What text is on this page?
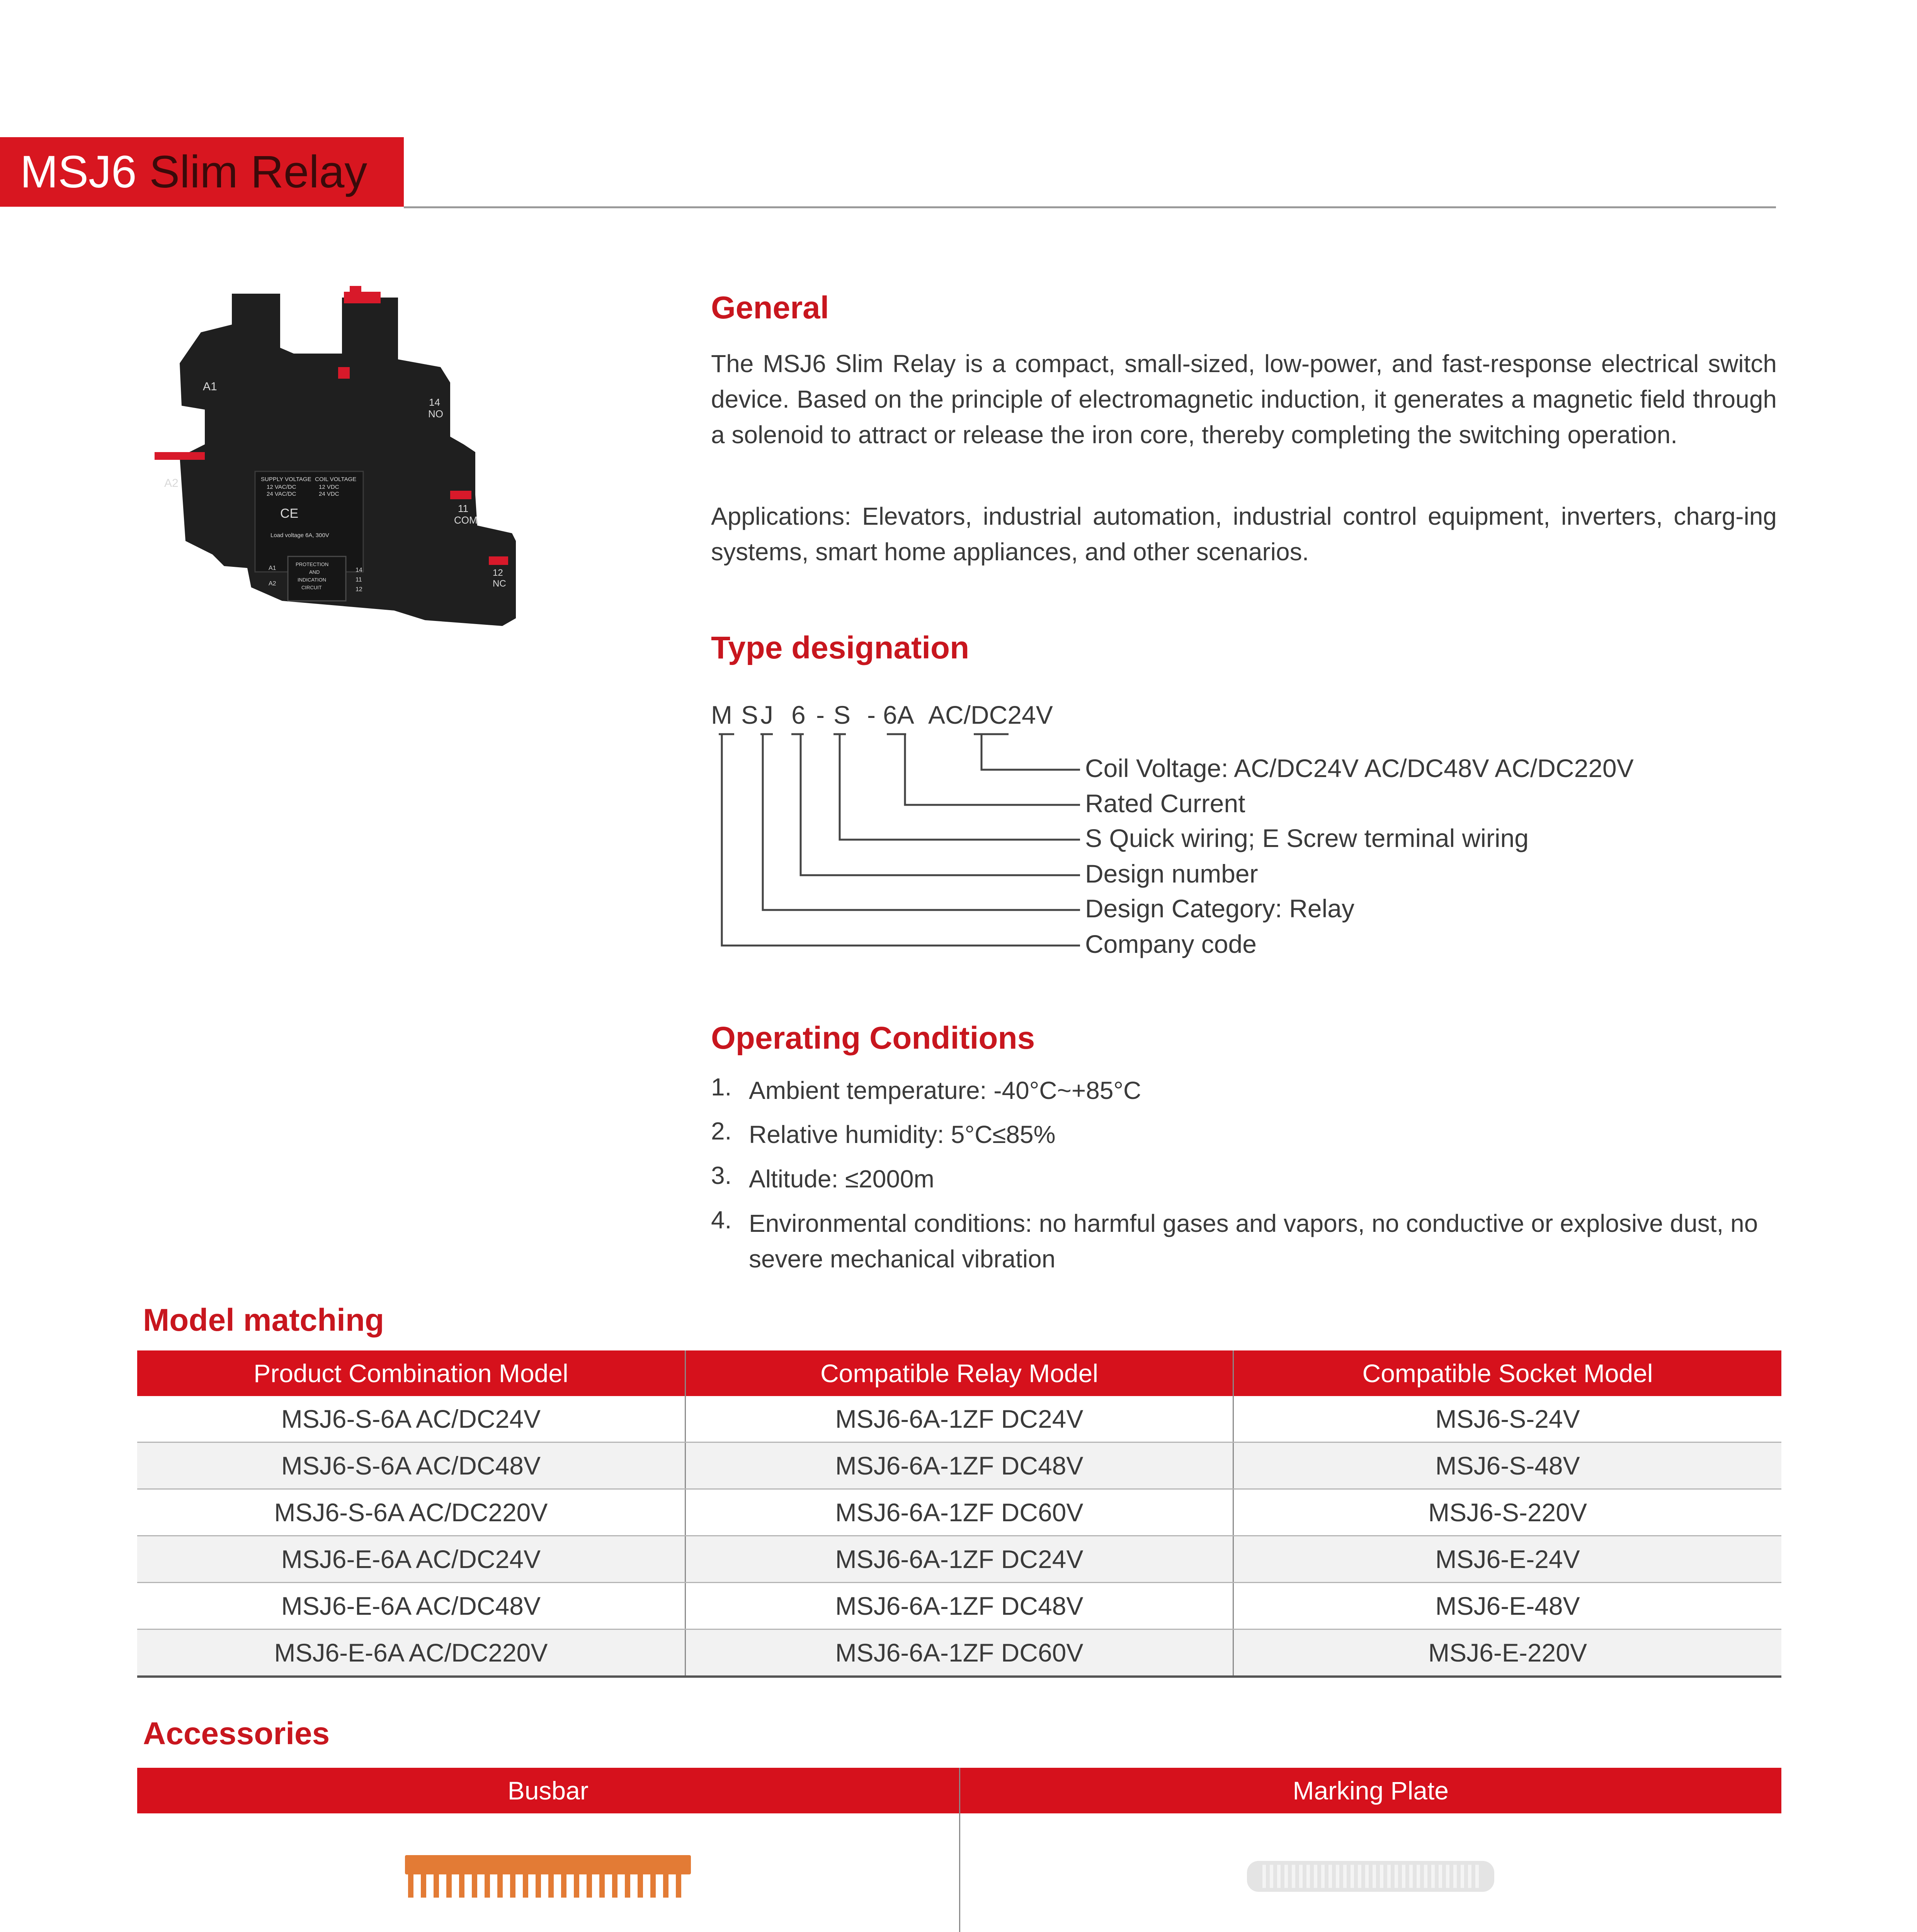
MSJ6 Slim Relay
A1
A2
14
NO
11
COM
12
NC
SUPPLY VOLTAGE
12 VAC/DC
24 VAC/DC
COIL VOLTAGE
12 VDC
24 VDC
CE
Load voltage 6A, 300V
PROTECTION
AND
INDICATION
CIRCUIT
A1
A2
14
11
12
General
The MSJ6 Slim Relay is a compact, small-sized, low-power, and fast-response electrical switch device. Based on the principle of electromagnetic induction, it generates a magnetic field through a solenoid to attract or release the iron core, thereby completing the switching operation.
Applications: Elevators, industrial automation, industrial control equipment, inverters, charg-ing systems, smart home appliances, and other scenarios.
Type designation
M S J 6 - S - 6A AC/DC24V
Coil Voltage: AC/DC24V AC/DC48V AC/DC220V
Rated Current
S Quick wiring; E Screw terminal wiring
Design number
Design Category: Relay
Company code
Operating Conditions
1. Ambient temperature: -40°C~+85°C
2. Relative humidity: 5°C≤85%
3. Altitude: ≤2000m
4. Environmental conditions: no harmful gases and vapors, no conductive or explosive dust, no severe mechanical vibration
Model matching
Product Combination Model	Compatible Relay Model	Compatible Socket Model
MSJ6-S-6A AC/DC24V	MSJ6-6A-1ZF DC24V	MSJ6-S-24V
MSJ6-S-6A AC/DC48V	MSJ6-6A-1ZF DC48V	MSJ6-S-48V
MSJ6-S-6A AC/DC220V	MSJ6-6A-1ZF DC60V	MSJ6-S-220V
MSJ6-E-6A AC/DC24V	MSJ6-6A-1ZF DC24V	MSJ6-E-24V
MSJ6-E-6A AC/DC48V	MSJ6-6A-1ZF DC48V	MSJ6-E-48V
MSJ6-E-6A AC/DC220V	MSJ6-6A-1ZF DC60V	MSJ6-E-220V
Accessories
Busbar	Marking Plate
